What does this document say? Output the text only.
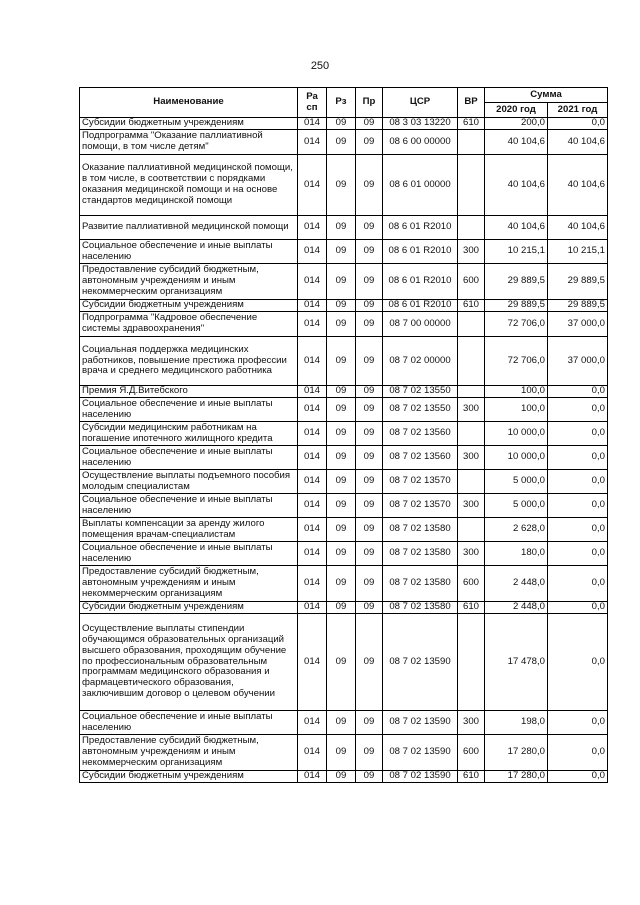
250
Наименование	Ра сп	Рз	Пр	ЦСР	ВР	Сумма	
						2020 год	2021 год
Субсидии бюджетным учреждениям	014	09	09	08 3 03 13220	610	200,0	0,0
Подпрограмма "Оказание паллиативной помощи, в том числе детям"	014	09	09	08 6 00 00000		40 104,6	40 104,6
Оказание паллиативной медицинской помощи, в том числе, в соответствии с порядками оказания медицинской помощи и на основе стандартов медицинской помощи	014	09	09	08 6 01 00000		40 104,6	40 104,6
Развитие паллиативной медицинской помощи	014	09	09	08 6 01 R2010		40 104,6	40 104,6
Социальное обеспечение и иные выплаты населению	014	09	09	08 6 01 R2010	300	10 215,1	10 215,1
Предоставление субсидий бюджетным, автономным учреждениям и иным некоммерческим организациям	014	09	09	08 6 01 R2010	600	29 889,5	29 889,5
Субсидии бюджетным учреждениям	014	09	09	08 6 01 R2010	610	29 889,5	29 889,5
Подпрограмма "Кадровое обеспечение системы здравоохранения"	014	09	09	08 7 00 00000		72 706,0	37 000,0
Социальная поддержка медицинских работников, повышение престижа профессии врача и среднего медицинского работника	014	09	09	08 7 02 00000		72 706,0	37 000,0
Премия Я.Д.Витебского	014	09	09	08 7 02 13550		100,0	0,0
Социальное обеспечение и иные выплаты населению	014	09	09	08 7 02 13550	300	100,0	0,0
Субсидии медицинским работникам на погашение ипотечного жилищного кредита	014	09	09	08 7 02 13560		10 000,0	0,0
Социальное обеспечение и иные выплаты населению	014	09	09	08 7 02 13560	300	10 000,0	0,0
Осуществление выплаты подъемного пособия молодым специалистам	014	09	09	08 7 02 13570		5 000,0	0,0
Социальное обеспечение и иные выплаты населению	014	09	09	08 7 02 13570	300	5 000,0	0,0
Выплаты компенсации за аренду жилого помещения врачам-специалистам	014	09	09	08 7 02 13580		2 628,0	0,0
Социальное обеспечение и иные выплаты населению	014	09	09	08 7 02 13580	300	180,0	0,0
Предоставление субсидий бюджетным, автономным учреждениям и иным некоммерческим организациям	014	09	09	08 7 02 13580	600	2 448,0	0,0
Субсидии бюджетным учреждениям	014	09	09	08 7 02 13580	610	2 448,0	0,0
Осуществление выплаты стипендии обучающимся образовательных организаций высшего образования, проходящим обучение по профессиональным образовательным программам медицинского образования и фармацевтического образования, заключившим договор о целевом обучении	014	09	09	08 7 02 13590		17 478,0	0,0
Социальное обеспечение и иные выплаты населению	014	09	09	08 7 02 13590	300	198,0	0,0
Предоставление субсидий бюджетным, автономным учреждениям и иным некоммерческим организациям	014	09	09	08 7 02 13590	600	17 280,0	0,0
Субсидии бюджетным учреждениям	014	09	09	08 7 02 13590	610	17 280,0	0,0
